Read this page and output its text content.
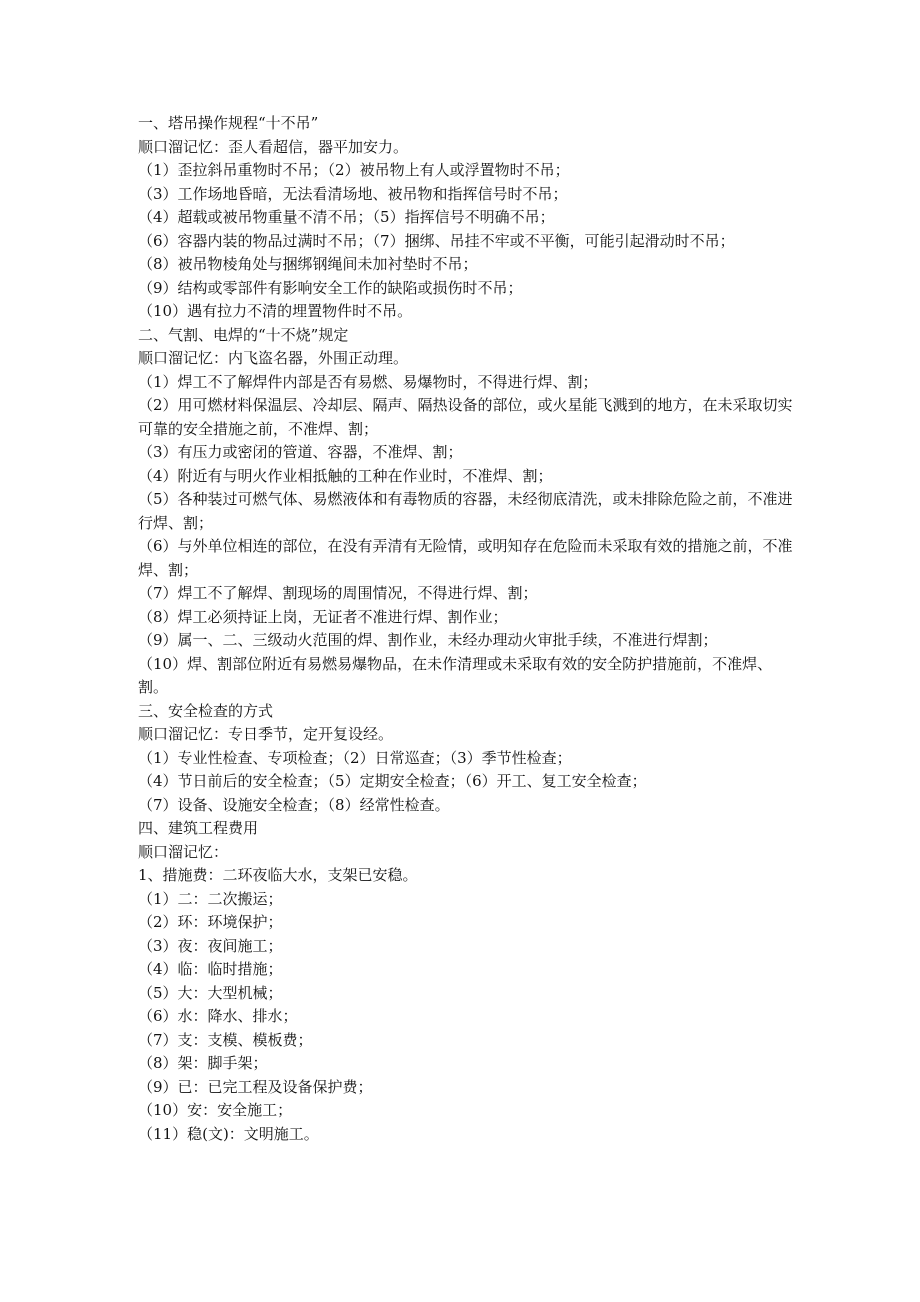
一、塔吊操作规程“十不吊”

顺口溜记忆：歪人看超信，器平加安力。

（1）歪拉斜吊重物时不吊；（2）被吊物上有人或浮置物时不吊；

（3）工作场地昏暗，无法看清场地、被吊物和指挥信号时不吊；

（4）超载或被吊物重量不清不吊；（5）指挥信号不明确不吊；

（6）容器内装的物品过满时不吊；（7）捆绑、吊挂不牢或不平衡，可能引起滑动时不吊；

（8）被吊物棱角处与捆绑钢绳间未加衬垫时不吊；

（9）结构或零部件有影响安全工作的缺陷或损伤时不吊；

（10）遇有拉力不清的埋置物件时不吊。

二、气割、电焊的“十不烧”规定

顺口溜记忆：内飞盗名器，外围正动理。

（1）焊工不了解焊件内部是否有易燃、易爆物时，不得进行焊、割；

（2）用可燃材料保温层、冷却层、隔声、隔热设备的部位，或火星能飞溅到的地方，在未采取切实可靠的安全措施之前，不准焊、割；

（3）有压力或密闭的管道、容器，不准焊、割；

（4）附近有与明火作业相抵触的工种在作业时，不准焊、割；

（5）各种装过可燃气体、易燃液体和有毒物质的容器，未经彻底清洗，或未排除危险之前，不准进行焊、割；

（6）与外单位相连的部位，在没有弄清有无险情，或明知存在危险而未采取有效的措施之前，不准焊、割；

（7）焊工不了解焊、割现场的周围情况，不得进行焊、割；

（8）焊工必须持证上岗，无证者不准进行焊、割作业；

（9）属一、二、三级动火范围的焊、割作业，未经办理动火审批手续，不准进行焊割；

（10）焊、割部位附近有易燃易爆物品，在未作清理或未采取有效的安全防护措施前，不准焊、割。

三、安全检查的方式

顺口溜记忆：专日季节，定开复设经。

（1）专业性检查、专项检查；（2）日常巡查；（3）季节性检查；

（4）节日前后的安全检查；（5）定期安全检查；（6）开工、复工安全检查；

（7）设备、设施安全检查；（8）经常性检查。

四、建筑工程费用

顺口溜记忆：

1、措施费：二环夜临大水，支架已安稳。

（1）二：二次搬运；

（2）环：环境保护；

（3）夜：夜间施工；

（4）临：临时措施；

（5）大：大型机械；

（6）水：降水、排水；

（7）支：支模、模板费；

（8）架：脚手架；

（9）已：已完工程及设备保护费；

（10）安：安全施工；

（11）稳(文)：文明施工。
